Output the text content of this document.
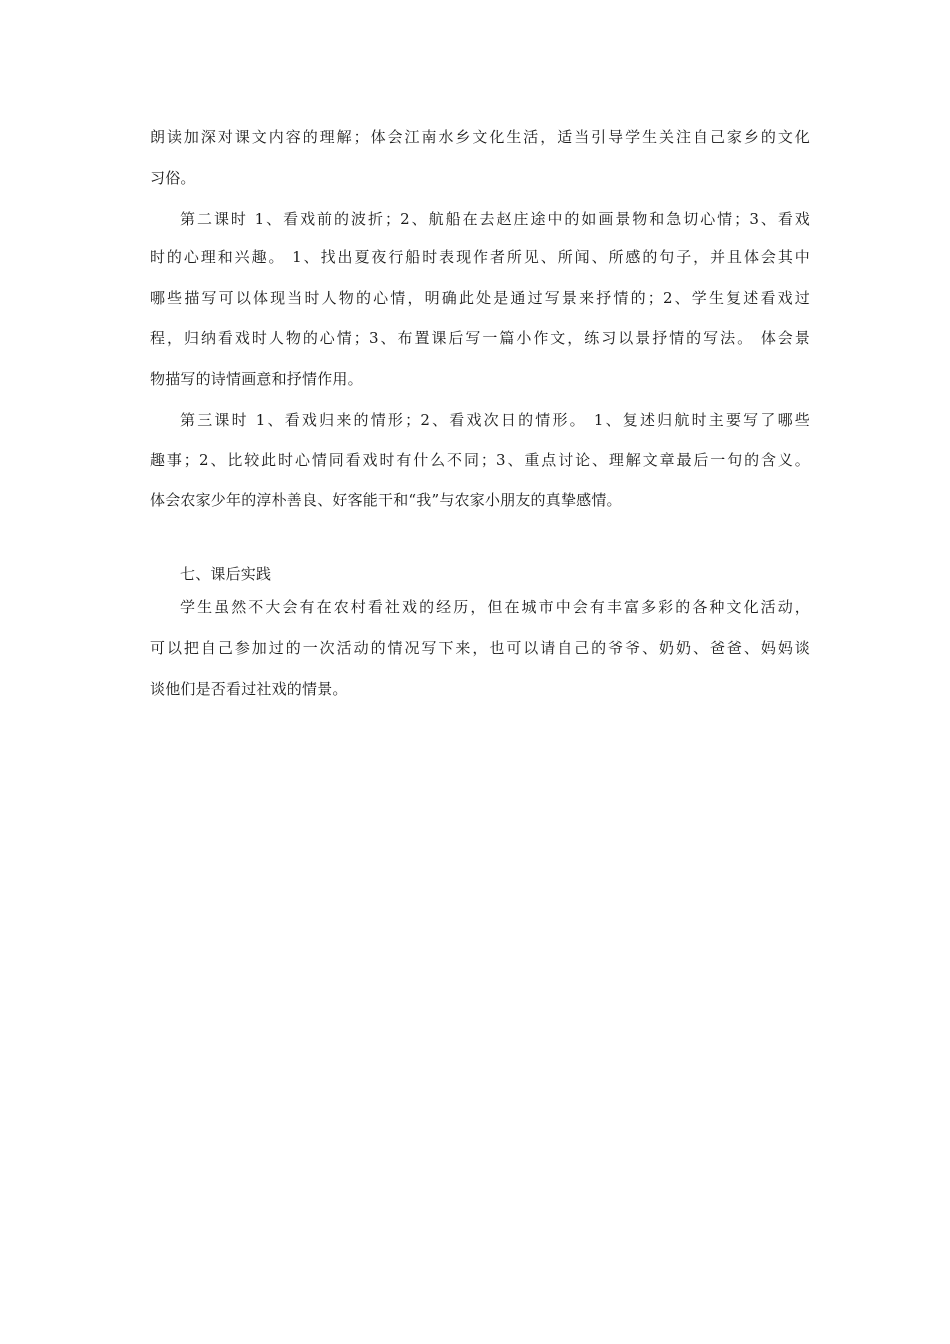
朗读加深对课文内容的理解；体会江南水乡文化生活，适当引导学生关注自己家乡的文化
习俗。
第二课时 1、看戏前的波折；2、航船在去赵庄途中的如画景物和急切心情；3、看戏
时的心理和兴趣。 1、找出夏夜行船时表现作者所见、所闻、所感的句子，并且体会其中
哪些描写可以体现当时人物的心情，明确此处是通过写景来抒情的；2、学生复述看戏过
程，归纳看戏时人物的心情；3、布置课后写一篇小作文，练习以景抒情的写法。 体会景
物描写的诗情画意和抒情作用。
第三课时 1、看戏归来的情形；2、看戏次日的情形。 1、复述归航时主要写了哪些
趣事；2、比较此时心情同看戏时有什么不同；3、重点讨论、理解文章最后一句的含义。
体会农家少年的淳朴善良、好客能干和“我”与农家小朋友的真挚感情。
七、课后实践
学生虽然不大会有在农村看社戏的经历，但在城市中会有丰富多彩的各种文化活动，
可以把自己参加过的一次活动的情况写下来，也可以请自己的爷爷、奶奶、爸爸、妈妈谈
谈他们是否看过社戏的情景。
